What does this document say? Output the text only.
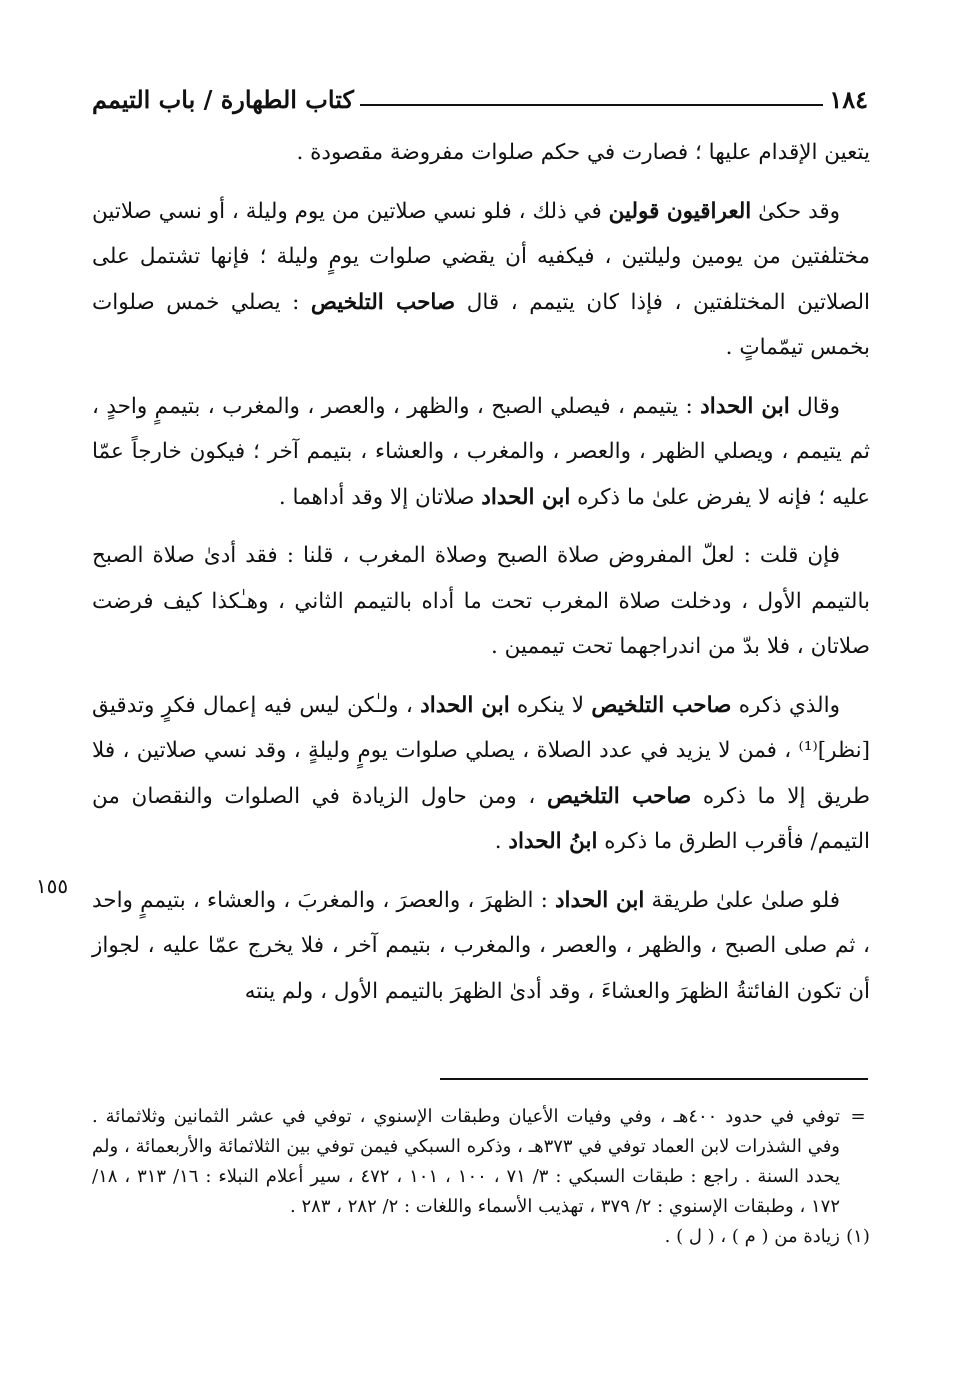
١٨٤
كتاب الطهارة / باب التيمم

يتعين الإقدام عليها ؛ فصارت في حكم صلوات مفروضة مقصودة .

وقد حكىٰ العراقيون قولين في ذلك ، فلو نسي صلاتين من يوم وليلة ، أو نسي صلاتين مختلفتين من يومين وليلتين ، فيكفيه أن يقضي صلوات يومٍ وليلة ؛ فإنها تشتمل على الصلاتين المختلفتين ، فإذا كان يتيمم ، قال صاحب التلخيص : يصلي خمس صلوات بخمس تيمّماتٍ .

وقال ابن الحداد : يتيمم ، فيصلي الصبح ، والظهر ، والعصر ، والمغرب ، بتيممٍ واحدٍ ، ثم يتيمم ، ويصلي الظهر ، والعصر ، والمغرب ، والعشاء ، بتيمم آخر ؛ فيكون خارجاً عمّا عليه ؛ فإنه لا يفرض علىٰ ما ذكره ابن الحداد صلاتان إلا وقد أداهما .

فإن قلت : لعلّ المفروض صلاة الصبح وصلاة المغرب ، قلنا : فقد أدىٰ صلاة الصبح بالتيمم الأول ، ودخلت صلاة المغرب تحت ما أداه بالتيمم الثاني ، وهـٰكذا كيف فرضت صلاتان ، فلا بدّ من اندراجهما تحت تيممين .

والذي ذكره صاحب التلخيص لا ينكره ابن الحداد ، ولـٰكن ليس فيه إعمال فكرٍ وتدقيق [نظر]⁽¹⁾ ، فمن لا يزيد في عدد الصلاة ، يصلي صلوات يومٍ وليلةٍ ، وقد نسي صلاتين ، فلا طريق إلا ما ذكره صاحب التلخيص ، ومن حاول الزيادة في الصلوات والنقصان من التيمم/ فأقرب الطرق ما ذكره ابنُ الحداد .

فلو صلىٰ علىٰ طريقة ابن الحداد : الظهرَ ، والعصرَ ، والمغربَ ، والعشاء ، بتيممٍ واحد ، ثم صلى الصبح ، والظهر ، والعصر ، والمغرب ، بتيمم آخر ، فلا يخرج عمّا عليه ، لجواز أن تكون الفائتةُ الظهرَ والعشاءَ ، وقد أدىٰ الظهرَ بالتيمم الأول ، ولم ينته

١٥٥

=
توفي في حدود ٤٠٠هـ ، وفي وفيات الأعيان وطبقات الإسنوي ، توفي في عشر الثمانين وثلاثمائة . وفي الشذرات لابن العماد توفي في ٣٧٣هـ ، وذكره السبكي فيمن توفي بين الثلاثمائة والأربعمائة ، ولم يحدد السنة . راجع : طبقات السبكي : ٣/ ٧١ ، ١٠٠ ، ١٠١ ، ٤٧٢ ، سير أعلام النبلاء : ١٦/ ٣١٣ ، ١٨/ ١٧٢ ، وطبقات الإسنوي : ٢/ ٣٧٩ ، تهذيب الأسماء واللغات : ٢/ ٢٨٢ ، ٢٨٣ .

(١)
زيادة من ( م ) ، ( ل ) .
